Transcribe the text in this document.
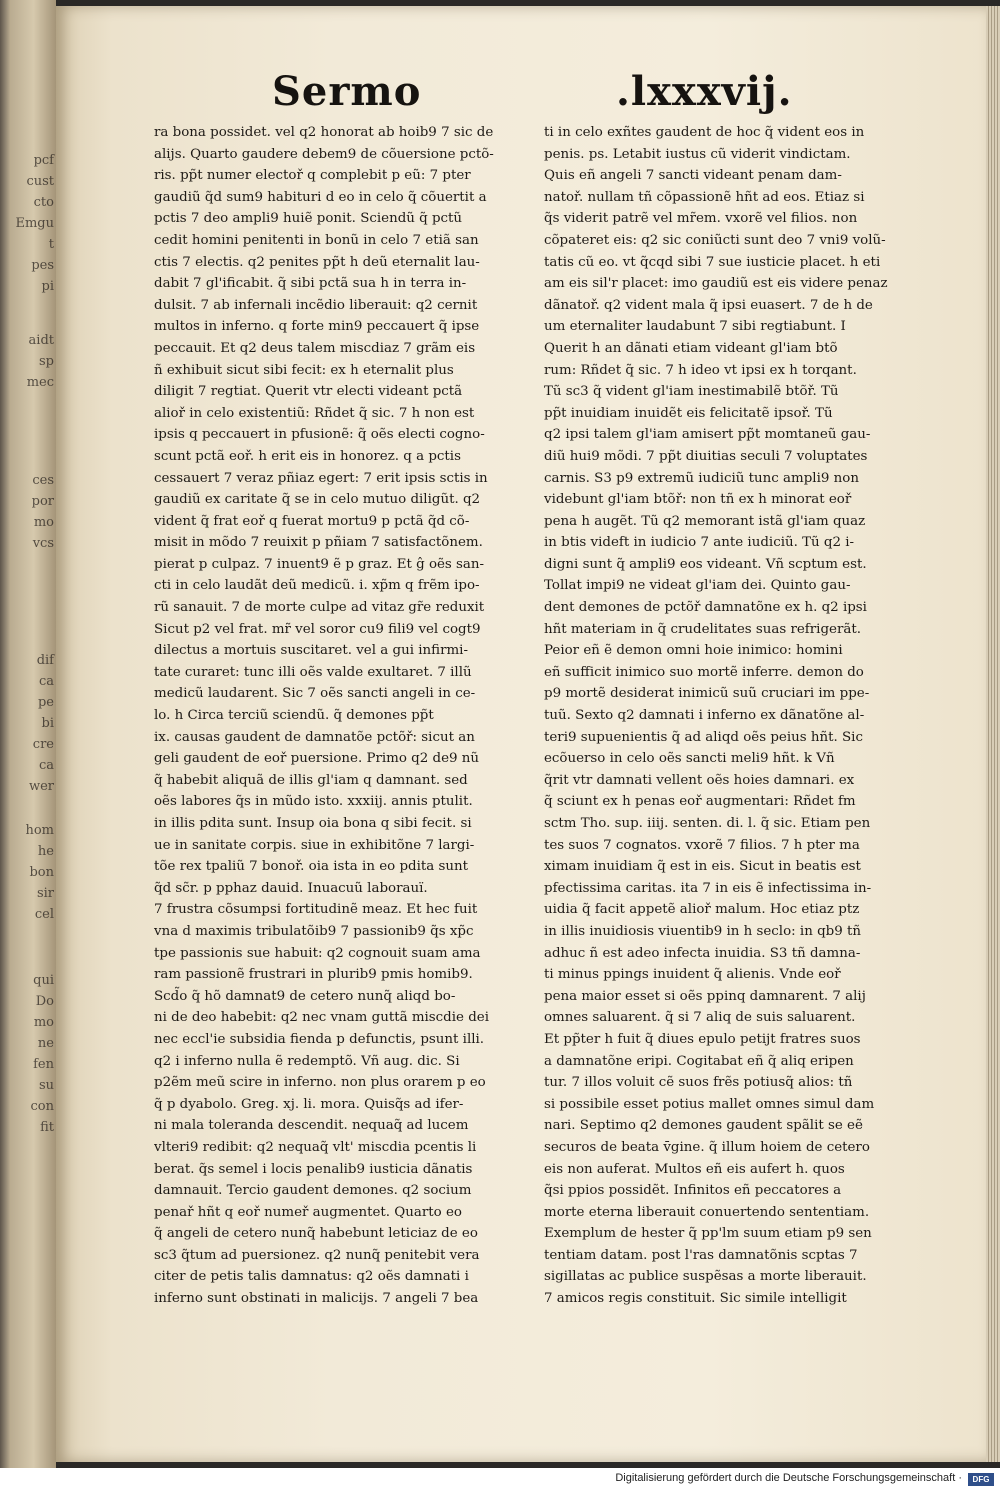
pcf
cust
cto
Emgu
t
pes
pi
aidt
sp
mec
ces
por
mo
vcs
dif
ca
pe
bi
cre
ca
wer
hom
he
bon
sir
cel
qui
Do
mo
ne
fen
su
con
fit
Sermo	.lxxxvij.
ra bona possidet. vel q2 honorat ab hoib9 7 sic de
alijs. Quarto gaudere debem9 de cõuersione pctõ-
ris. pp̃t numer electoř q complebit p eũ: 7 pter
gaudiũ q̃d sum9 habituri d eo in celo q̃ cõuertit a
pctis 7 deo ampli9 huiẽ ponit. Sciendũ q̃ pctũ
cedit homini penitenti in bonũ in celo 7 etiã san
ctis 7 electis. q2 penites pp̃t h deũ eternalit lau-
dabit 7 gl'ificabit. q̃ sibi pctã sua h in terra in-
dulsit. 7 ab infernali incẽdio liberauit: q2 cernit
multos in inferno. q forte min9 peccauert q̃ ipse
peccauit. Et q2 deus talem miscdiaz 7 grãm eis
ñ exhibuit sicut sibi fecit: ex h eternalit plus
diligit 7 regtiat. Querit vtr electi videant pctã
alioř in celo existentiũ: Rñdet q̃ sic. 7 h non est
ipsis q peccauert in pfusionẽ: q̃ oẽs electi cogno-
scunt pctã eoř. h erit eis in honorez. q a pctis
cessauert 7 veraz pñiaz egert: 7 erit ipsis sctis in
gaudiũ ex caritate q̃ se in celo mutuo diligũt. q2
vident q̃ frat eoř q fuerat mortu9 p pctã q̃d cõ-
misit in mõdo 7 reuixit p pñiam 7 satisfactõnem.
pierat p culpaz. 7 inuent9 ẽ p graz. Et ĝ oẽs san-
cti in celo laudãt deũ medicũ. i. xp̃m q frẽm ipo-
rũ sanauit. 7 de morte culpe ad vitaz gr̃e reduxit
Sicut p2 vel frat. mr̃ vel soror cu9 fili9 vel cogt9
dilectus a mortuis suscitaret. vel a gui infirmi-
tate curaret: tunc illi oẽs valde exultaret. 7 illũ
medicũ laudarent. Sic 7 oẽs sancti angeli in ce-
lo. h Circa terciũ sciendũ. q̃ demones pp̃t
ix. causas gaudent de damnatõe pctõř: sicut an
geli gaudent de eoř puersione. Primo q2 de9 nũ
q̃ habebit aliquã de illis gl'iam q damnant. sed
oẽs labores q̃s in mũdo isto. xxxiij. annis ptulit.
in illis pdita sunt. Insup oia bona q sibi fecit. si
ue in sanitate corpis. siue in exhibitõne 7 largi-
tõe rex tpaliũ 7 bonoř. oia ista in eo pdita sunt
q̃d sc̃r. p pphaz dauid. Inuacuũ laborauï.
7 frustra cõsumpsi fortitudinẽ meaz. Et hec fuit
vna d maximis tribulatõib9 7 passionib9 q̃s xp̃c
tpe passionis sue habuit: q2 cognouit suam ama
ram passionẽ frustrari in plurib9 pmis homib9.
Scd̃o q̃ hõ damnat9 de cetero nunq̃ aliqd bo-
ni de deo habebit: q2 nec vnam guttã miscdie dei
nec eccl'ie subsidia fienda p defunctis, psunt illi.
q2 i inferno nulla ẽ redemptõ. Vñ aug. dic. Si
p2ẽm meũ scire in inferno. non plus orarem p eo
q̃ p dyabolo. Greg. xj. li. mora. Quisq̃s ad ifer-
ni mala toleranda descendit. nequaq̃ ad lucem
vlteri9 redibit: q2 nequaq̃ vlt' miscdia pcentis li
berat. q̃s semel i locis penalib9 iusticia dãnatis
damnauit. Tercio gaudent demones. q2 socium
penař hñt q eoř numeř augmentet. Quarto eo
q̃ angeli de cetero nunq̃ habebunt leticiaz de eo
sc3 q̃tum ad puersionez. q2 nunq̃ penitebit vera
citer de petis talis damnatus: q2 oẽs damnati i
inferno sunt obstinati in malicijs. 7 angeli 7 bea
ti in celo exñtes gaudent de hoc q̃ vident eos in
penis. ps. Letabit iustus cũ viderit vindictam.
Quis eñ angeli 7 sancti videant penam dam-
natoř. nullam tñ cõpassionẽ hñt ad eos. Etiaz si
q̃s viderit patrẽ vel mr̃em. vxorẽ vel filios. non
cõpateret eis: q2 sic coniũcti sunt deo 7 vni9 volũ-
tatis cũ eo. vt q̃cqd sibi 7 sue iusticie placet. h eti
am eis sil'r placet: imo gaudiũ est eis videre penaz
dãnatoř. q2 vident mala q̃ ipsi euasert. 7 de h de
um eternaliter laudabunt 7 sibi regtiabunt. I
Querit h an dãnati etiam videant gl'iam btõ
rum: Rñdet q̃ sic. 7 h ideo vt ipsi ex h torqant.
Tũ sc3 q̃ vident gl'iam inestimabilẽ btõř. Tũ
pp̃t inuidiam inuidẽt eis felicitatẽ ipsoř. Tũ
q2 ipsi talem gl'iam amisert pp̃t momtaneũ gau-
diũ hui9 mõdi. 7 pp̃t diuitias seculi 7 voluptates
carnis. S3 p9 extremũ iudiciũ tunc ampli9 non
videbunt gl'iam btõř: non tñ ex h minorat eoř
pena h augẽt. Tũ q2 memorant istã gl'iam quaz
in btis videft in iudicio 7 ante iudiciũ. Tũ q2 i-
digni sunt q̃ ampli9 eos videant. Vñ scptum est.
Tollat impi9 ne videat gl'iam dei. Quinto gau-
dent demones de pctõř damnatõne ex h. q2 ipsi
hñt materiam in q̃ crudelitates suas refrigerãt.
Peior eñ ẽ demon omni hoie inimico: homini
eñ sufficit inimico suo mortẽ inferre. demon do
p9 mortẽ desiderat inimicũ suũ cruciari im ppe-
tuũ. Sexto q2 damnati i inferno ex dãnatõne al-
teri9 supuenientis q̃ ad aliqd oẽs peius hñt. Sic
ecõuerso in celo oẽs sancti meli9 hñt. k Vñ
q̃rit vtr damnati vellent oẽs hoies damnari. ex
q̃ sciunt ex h penas eoř augmentari: Rñdet fm
sctm Tho. sup. iiij. senten. di. l. q̃ sic. Etiam pen
tes suos 7 cognatos. vxorẽ 7 filios. 7 h pter ma
ximam inuidiam q̃ est in eis. Sicut in beatis est
pfectissima caritas. ita 7 in eis ẽ infectissima in-
uidia q̃ facit appetẽ alioř malum. Hoc etiaz ptz
in illis inuidiosis viuentib9 in h seclo: in qb9 tñ
adhuc ñ est adeo infecta inuidia. S3 tñ damna-
ti minus ppings inuident q̃ alienis. Vnde eoř
pena maior esset si oẽs ppinq damnarent. 7 alij
omnes saluarent. q̃ si 7 aliq de suis saluarent.
Et pp̃ter h fuit q̃ diues epulo petijt fratres suos
a damnatõne eripi. Cogitabat eñ q̃ aliq eripen
tur. 7 illos voluit cẽ suos frẽs potiusq̃ alios: tñ
si possibile esset potius mallet omnes simul dam
nari. Septimo q2 demones gaudent spãlit se eẽ
securos de beata v̄gine. q̃ illum hoiem de cetero
eis non auferat. Multos eñ eis aufert h. quos
q̃si ppios possidẽt. Infinitos eñ peccatores a
morte eterna liberauit conuertendo sententiam.
Exemplum de hester q̃ pp'lm suum etiam p9 sen
tentiam datam. post l'ras damnatõnis scptas 7
sigillatas ac publice suspẽsas a morte liberauit.
7 amicos regis constituit. Sic simile intelligit
Digitalisierung gefördert durch die Deutsche Forschungsgemeinschaft ·	DFG
